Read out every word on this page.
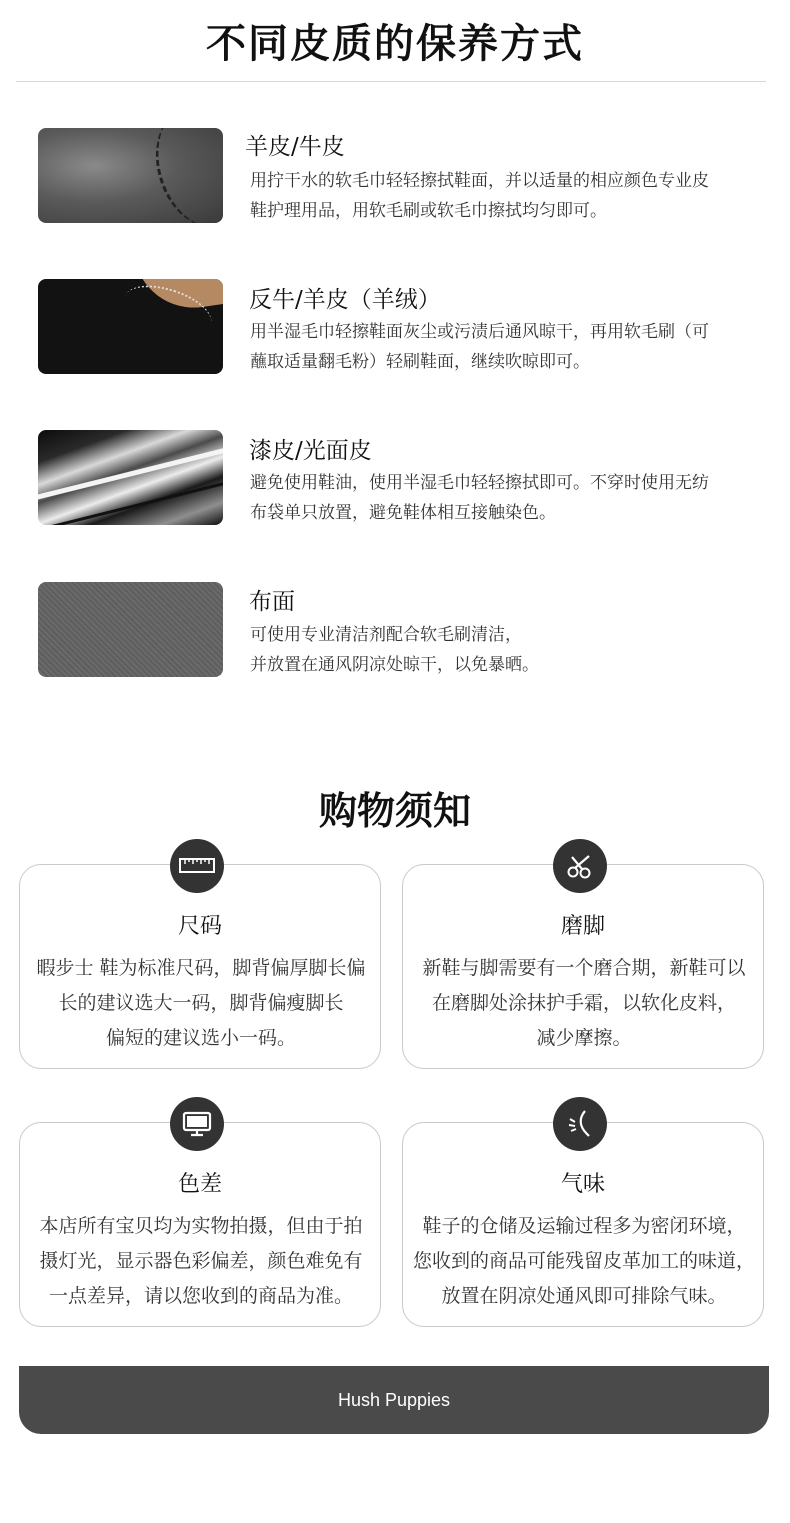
不同皮质的保养方式
羊皮/牛皮
用拧干水的软毛巾轻轻擦拭鞋面，并以适量的相应颜色专业皮
鞋护理用品，用软毛刷或软毛巾擦拭均匀即可。
反牛/羊皮（羊绒）
用半湿毛巾轻擦鞋面灰尘或污渍后通风晾干，再用软毛刷（可
蘸取适量翻毛粉）轻刷鞋面，继续吹晾即可。
漆皮/光面皮
避免使用鞋油，使用半湿毛巾轻轻擦拭即可。不穿时使用无纺
布袋单只放置，避免鞋体相互接触染色。
布面
可使用专业清洁剂配合软毛刷清洁，
并放置在通风阴凉处晾干，以免暴晒。
购物须知
尺码
暇步士 鞋为标准尺码，脚背偏厚脚长偏
长的建议选大一码，脚背偏瘦脚长
偏短的建议选小一码。
磨脚
新鞋与脚需要有一个磨合期，新鞋可以
在磨脚处涂抹护手霜，以软化皮料，
减少摩擦。
色差
本店所有宝贝均为实物拍摄，但由于拍
摄灯光，显示器色彩偏差，颜色难免有
一点差异，请以您收到的商品为准。
气味
鞋子的仓储及运输过程多为密闭环境，
您收到的商品可能残留皮革加工的味道，
放置在阴凉处通风即可排除气味。
Hush Puppies
